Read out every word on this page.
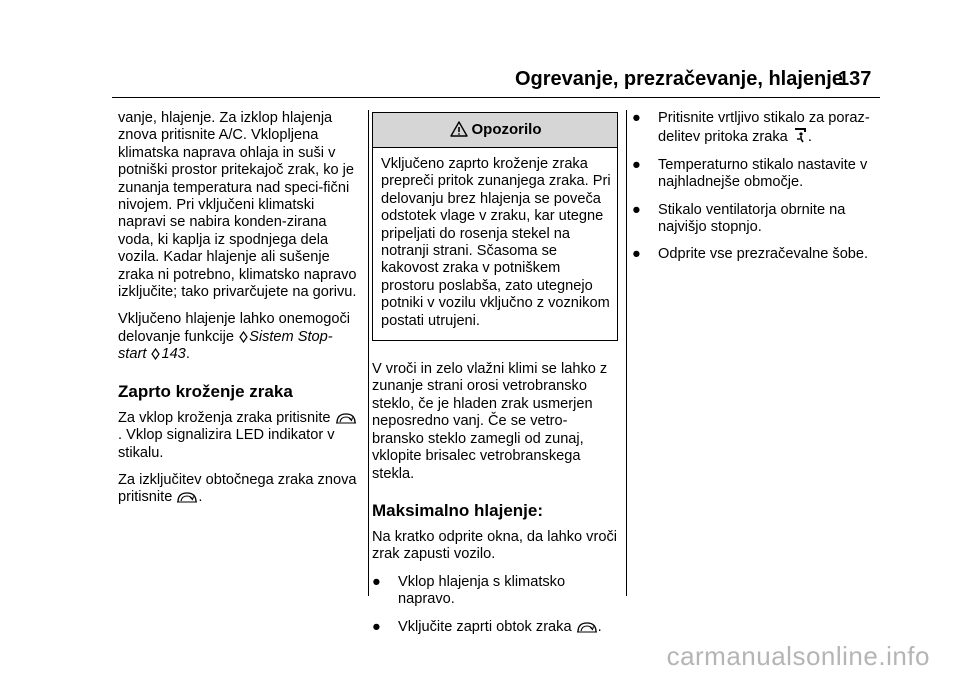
Ogrevanje, prezračevanje, hlajenje
137

vanje, hlajenje. Za izklop hlajenja znova pritisnite A/C. Vklopljena klimatska naprava ohlaja in suši v potniški prostor pritekajoč zrak, ko je zunanja temperatura nad speci-fični nivojem. Pri vključeni klimatski napravi se nabira konden-zirana voda, ki kaplja iz spodnjega dela vozila. Kadar hlajenje ali sušenje zraka ni potrebno, klimatsko napravo izključite; tako privarčujete na gorivu.

Vključeno hlajenje lahko onemogoči delovanje funkcije Sistem Stop-start 143.

Zaprto kroženje zraka

Za vklop kroženja zraka pritisnite
. Vklop signalizira LED indikator v stikalu.

Za izključitev obtočnega zraka znova pritisnite .

Opozorilo
Vključeno zaprto kroženje zraka prepreči pritok zunanjega zraka. Pri delovanju brez hlajenja se poveča odstotek vlage v zraku, kar utegne pripeljati do rosenja stekel na notranji strani. Sčasoma se kakovost zraka v potniškem prostoru poslabša, zato utegnejo potniki v vozilu vključno z voznikom postati utrujeni.

V vroči in zelo vlažni klimi se lahko z zunanje strani orosi vetrobransko steklo, če je hladen zrak usmerjen neposredno vanj. Če se vetro-bransko steklo zamegli od zunaj, vklopite brisalec vetrobranskega stekla.

Maksimalno hlajenje:

Na kratko odprite okna, da lahko vroči zrak zapusti vozilo.

● Vklop hlajenja s klimatsko napravo.
● Vključite zaprti obtok zraka .
● Pritisnite vrtljivo stikalo za poraz-delitev pritoka zraka .
● Temperaturno stikalo nastavite v najhladnejše območje.
● Stikalo ventilatorja obrnite na najvišjo stopnjo.
● Odprite vse prezračevalne šobe.
carmanualsonline.info
